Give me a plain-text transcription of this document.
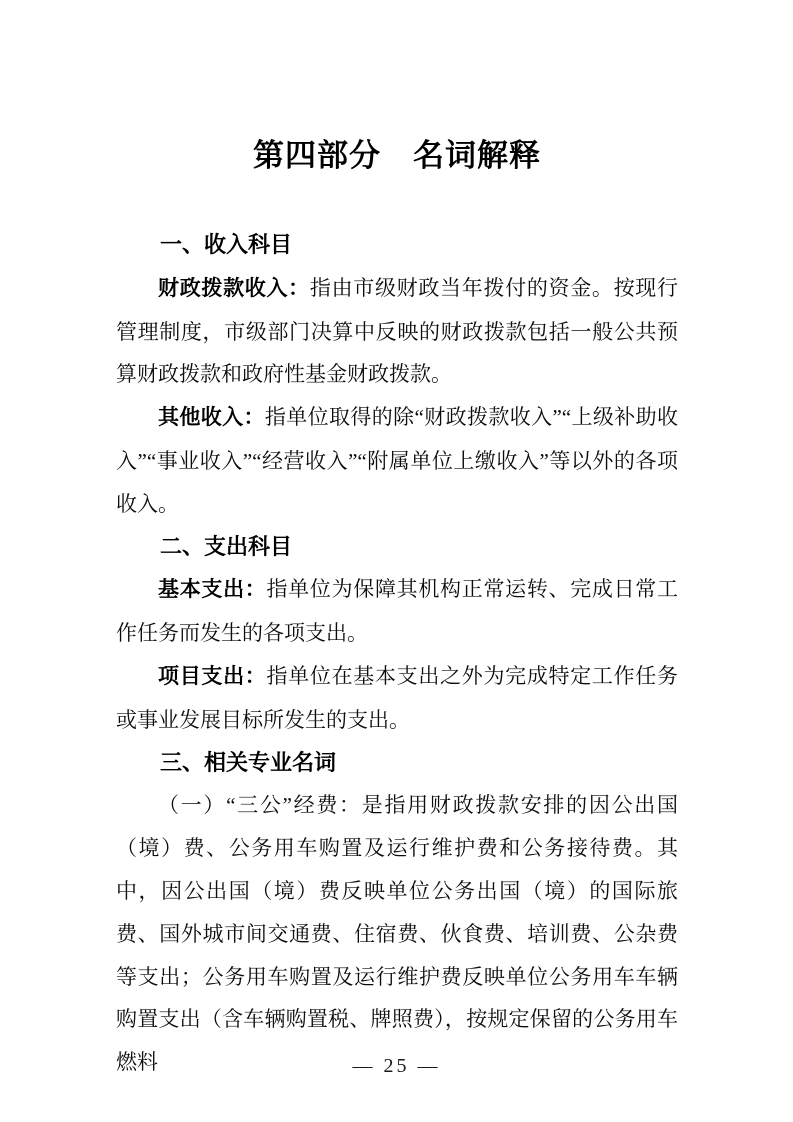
第四部分　名词解释
一、收入科目

财政拨款收入：指由市级财政当年拨付的资金。按现行管理制度，市级部门决算中反映的财政拨款包括一般公共预算财政拨款和政府性基金财政拨款。

其他收入：指单位取得的除“财政拨款收入”“上级补助收入”“事业收入”“经营收入”“附属单位上缴收入”等以外的各项收入。

二、支出科目

基本支出：指单位为保障其机构正常运转、完成日常工作任务而发生的各项支出。

项目支出：指单位在基本支出之外为完成特定工作任务或事业发展目标所发生的支出。

三、相关专业名词

（一）“三公”经费：是指用财政拨款安排的因公出国（境）费、公务用车购置及运行维护费和公务接待费。其中，因公出国（境）费反映单位公务出国（境）的国际旅费、国外城市间交通费、住宿费、伙食费、培训费、公杂费等支出；公务用车购置及运行维护费反映单位公务用车车辆购置支出（含车辆购置税、牌照费），按规定保留的公务用车燃料	— 25 —
